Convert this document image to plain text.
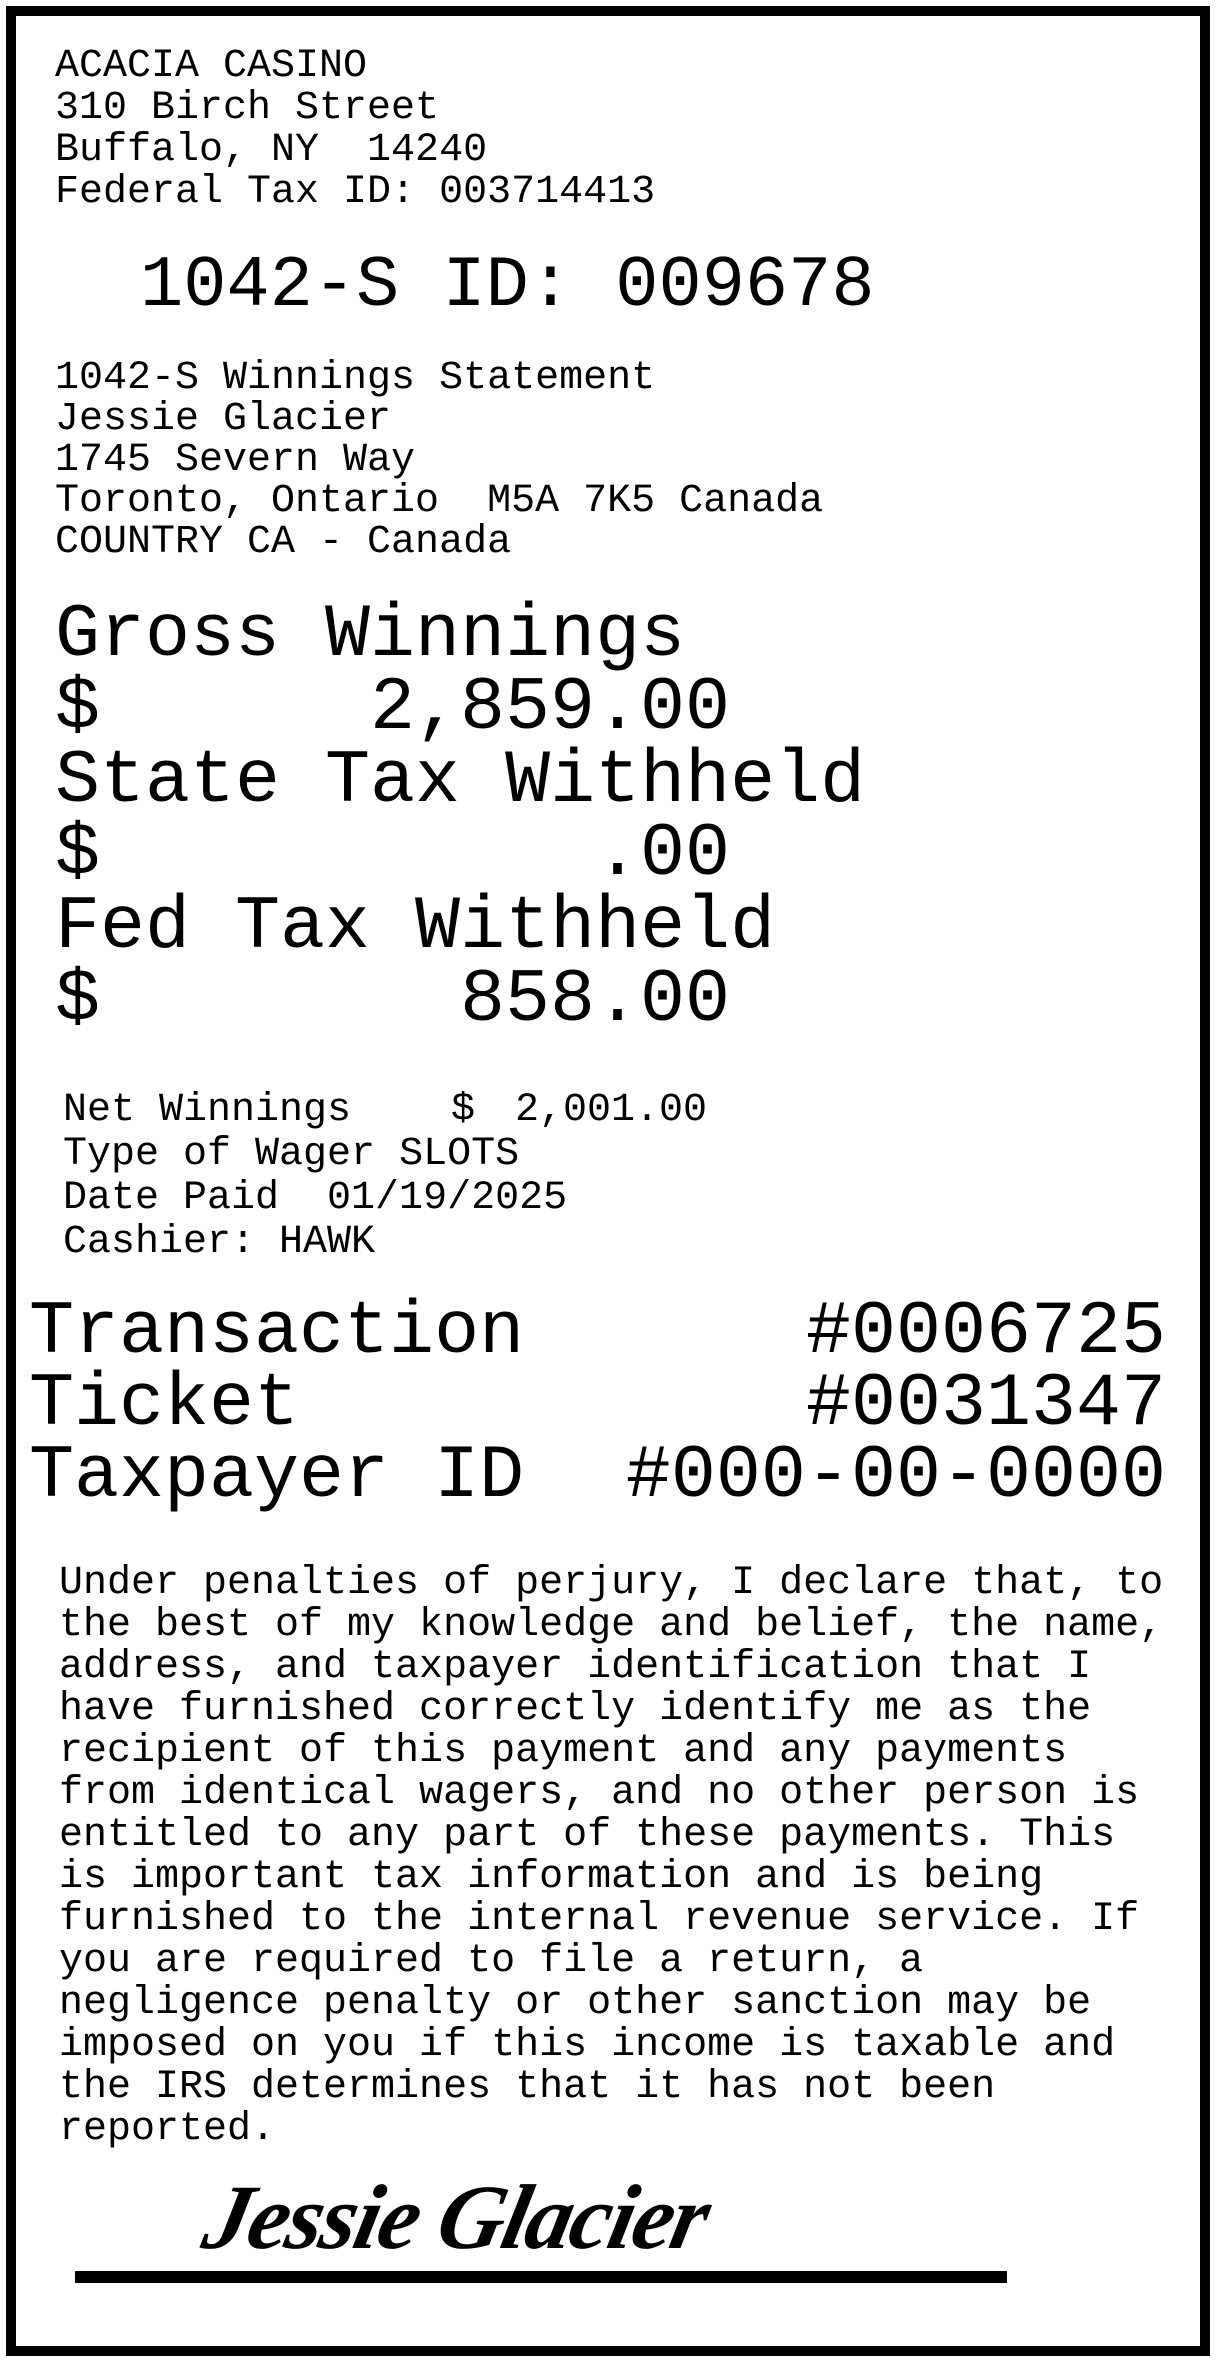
ACACIA CASINO
310 Birch Street
Buffalo, NY  14240
Federal Tax ID: 003714413
1042-S ID: 009678
1042-S Winnings Statement
Jessie Glacier
1745 Severn Way
Toronto, Ontario  M5A 7K5 Canada
COUNTRY CA - Canada
Gross Winnings
$	2,859.00
State Tax Withheld
$	.00
Fed Tax Withheld
$	858.00
Net Winnings	$ 2,001.00
Type of Wager SLOTS
Date Paid 01/19/2025
Cashier: HAWK
Transaction	#0006725
Ticket	#0031347
Taxpayer ID #000-00-0000

Under penalties of perjury, I declare that, to the best of my knowledge and belief, the name, address, and taxpayer identification that I have furnished correctly identify me as the recipient of this payment and any payments from identical wagers, and no other person is entitled to any part of these payments. This is important tax information and is being furnished to the internal revenue service. If you are required to file a return, a negligence penalty or other sanction may be imposed on you if this income is taxable and the IRS determines that it has not been reported.

Jessie Glacier
